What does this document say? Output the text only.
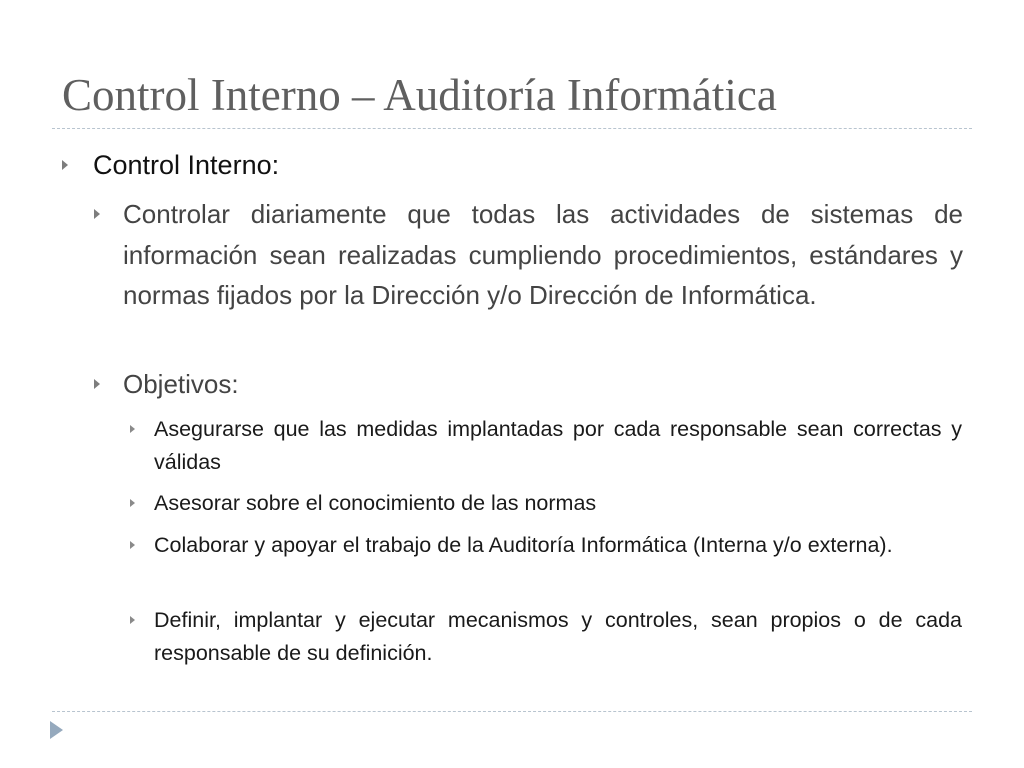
Control Interno – Auditoría Informática
Control Interno:
Controlar diariamente que todas las actividades de sistemas de información sean realizadas cumpliendo procedimientos, estándares y normas fijados por la Dirección y/o Dirección de Informática.
Objetivos:
Asegurarse que las medidas implantadas por cada responsable sean correctas y válidas
Asesorar sobre el conocimiento de las normas
Colaborar y apoyar el trabajo de la Auditoría Informática (Interna y/o externa).
Definir, implantar y ejecutar mecanismos y controles, sean propios o de cada responsable de su definición.
